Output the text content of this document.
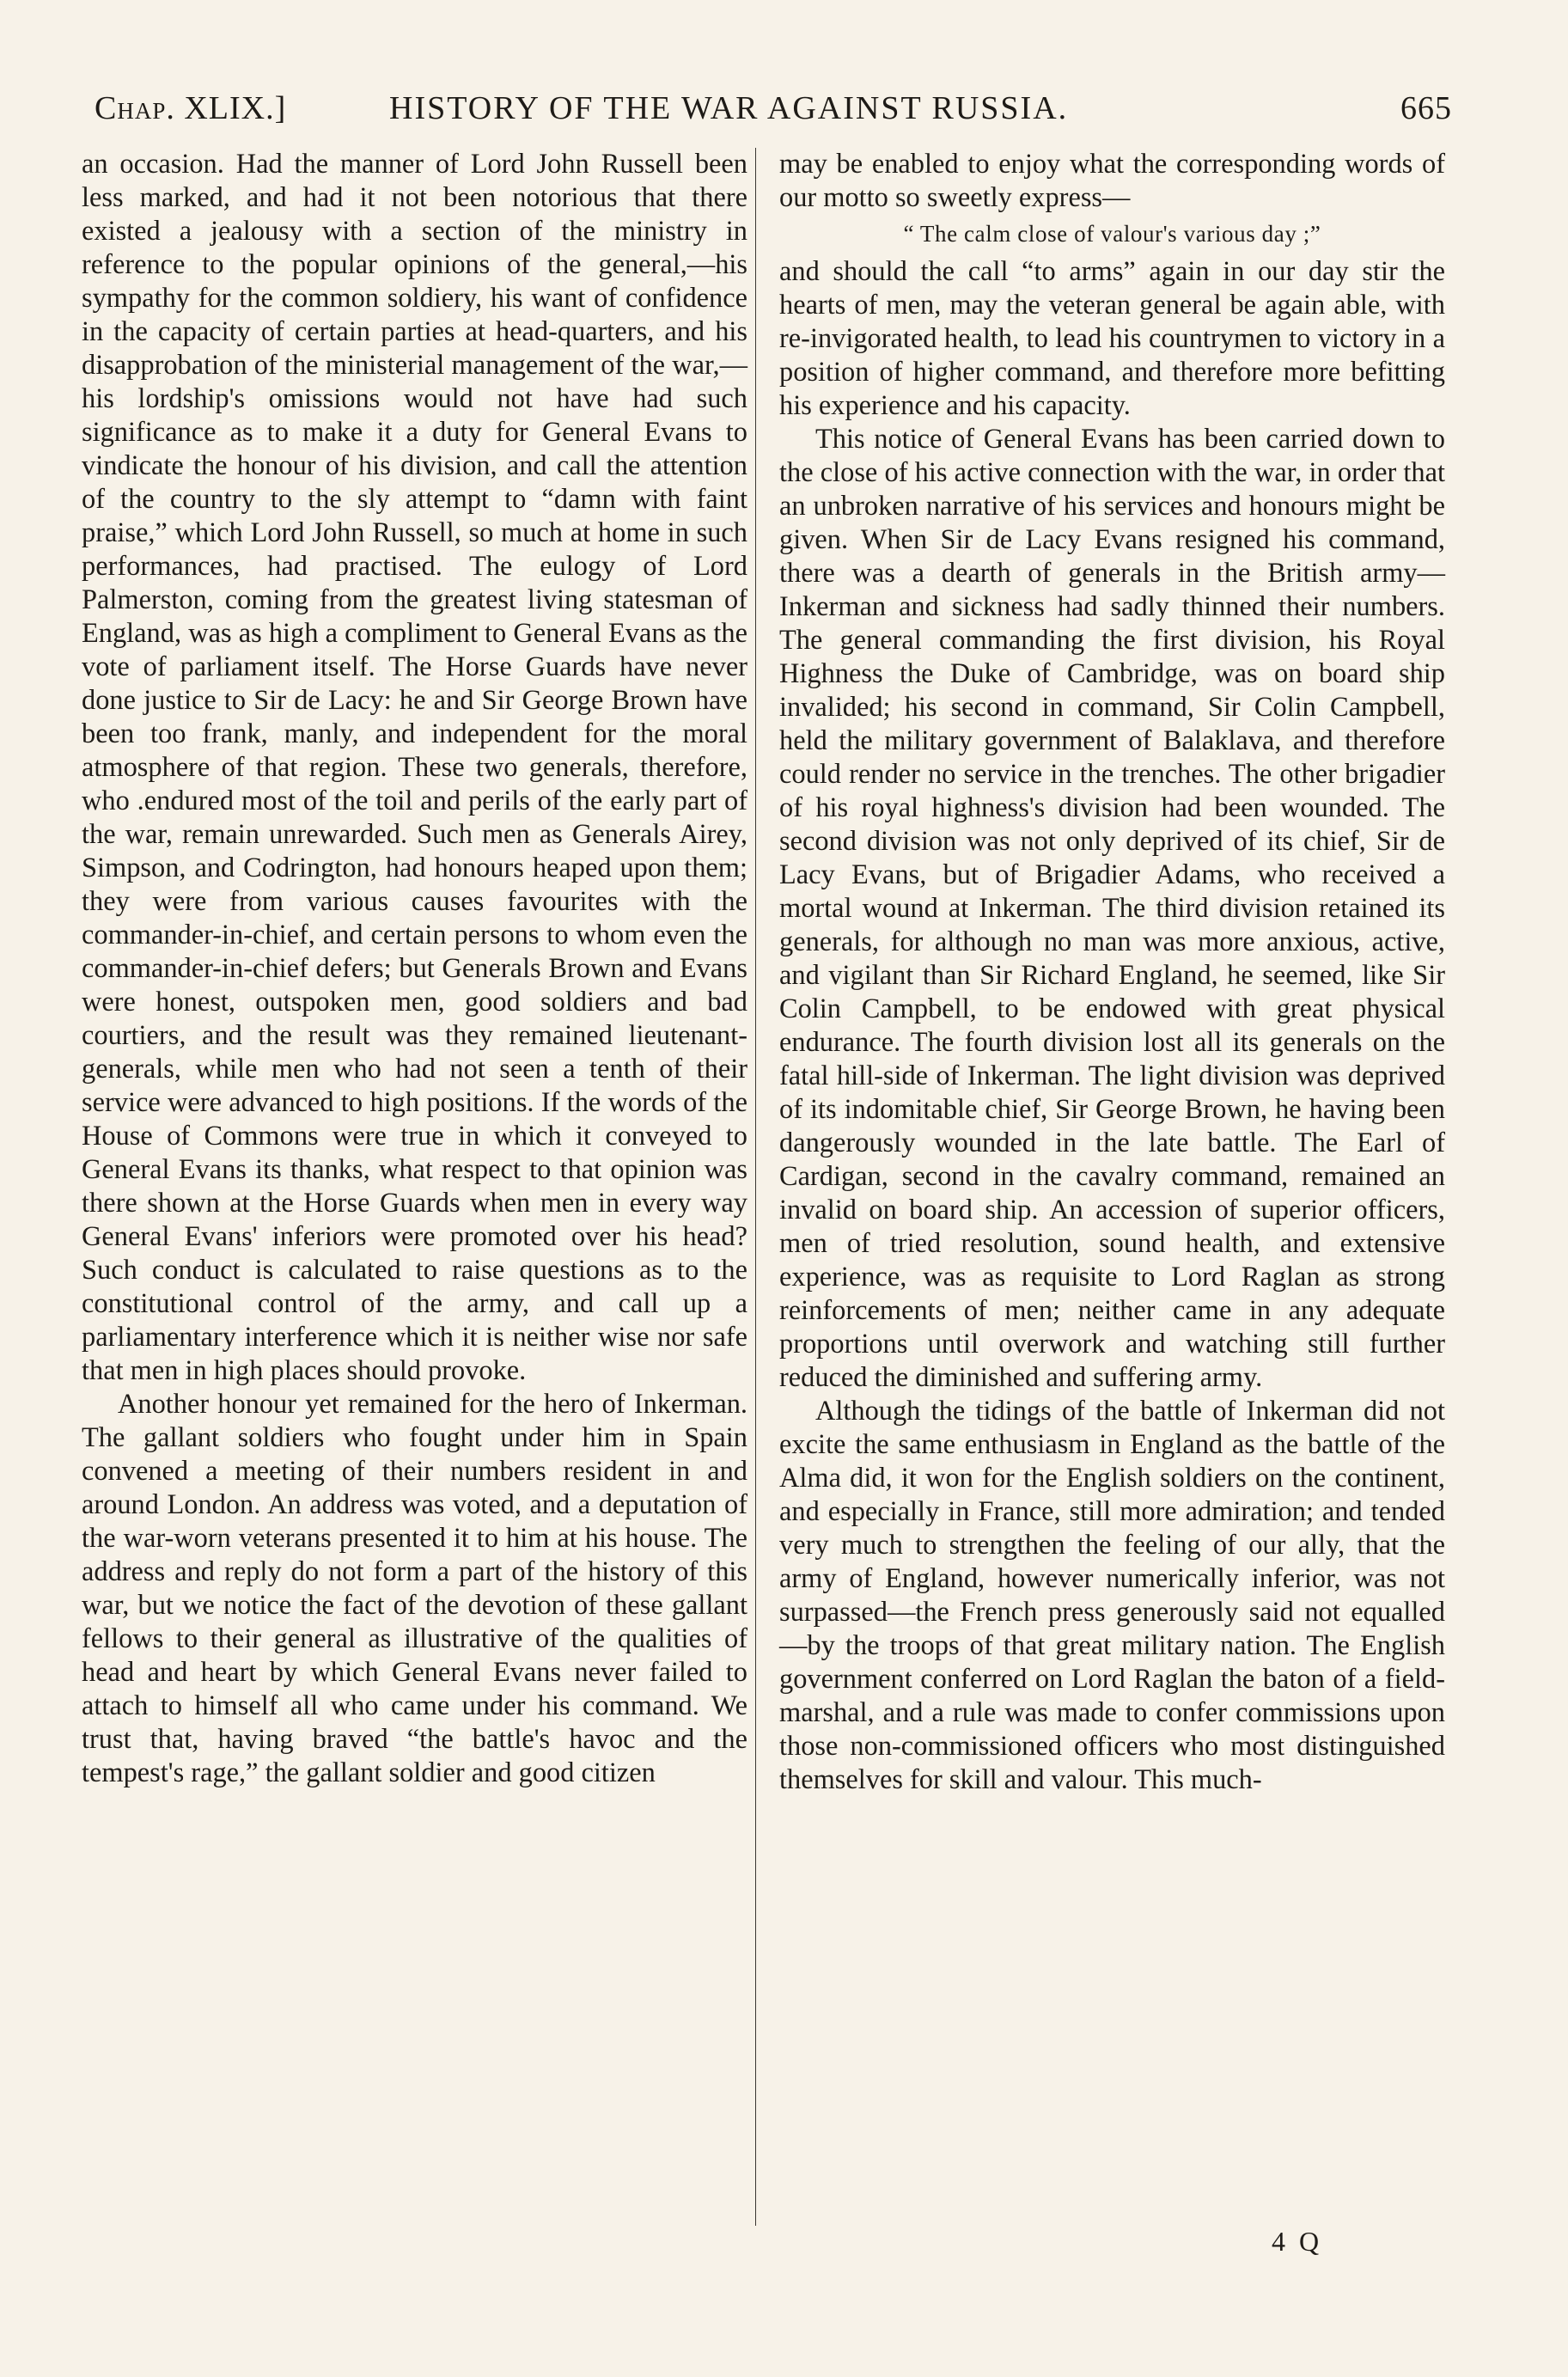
Chap. XLIX.]	HISTORY OF THE WAR AGAINST RUSSIA.	665

an occasion. Had the manner of Lord John Russell been less marked, and had it not been notorious that there existed a jealousy with a section of the ministry in reference to the popular opinions of the general,—his sympathy for the common soldiery, his want of confidence in the capacity of certain parties at head-quarters, and his disapprobation of the ministerial management of the war,—his lordship's omissions would not have had such significance as to make it a duty for General Evans to vindicate the honour of his division, and call the attention of the country to the sly attempt to “damn with faint praise,” which Lord John Russell, so much at home in such performances, had practised. The eulogy of Lord Palmerston, coming from the greatest living statesman of England, was as high a compliment to General Evans as the vote of parliament itself. The Horse Guards have never done justice to Sir de Lacy: he and Sir George Brown have been too frank, manly, and independent for the moral atmosphere of that region. These two generals, therefore, who .endured most of the toil and perils of the early part of the war, remain unrewarded. Such men as Generals Airey, Simpson, and Codrington, had honours heaped upon them; they were from various causes favourites with the commander-in-chief, and certain persons to whom even the commander-in-chief defers; but Generals Brown and Evans were honest, outspoken men, good soldiers and bad courtiers, and the result was they remained lieutenant-generals, while men who had not seen a tenth of their service were advanced to high positions. If the words of the House of Commons were true in which it conveyed to General Evans its thanks, what respect to that opinion was there shown at the Horse Guards when men in every way General Evans' inferiors were promoted over his head? Such conduct is calculated to raise questions as to the constitutional control of the army, and call up a parliamentary interference which it is neither wise nor safe that men in high places should provoke.

Another honour yet remained for the hero of Inkerman. The gallant soldiers who fought under him in Spain convened a meeting of their numbers resident in and around London. An address was voted, and a deputation of the war-worn veterans presented it to him at his house. The address and reply do not form a part of the history of this war, but we notice the fact of the devotion of these gallant fellows to their general as illustrative of the qualities of head and heart by which General Evans never failed to attach to himself all who came under his command. We trust that, having braved “the battle's havoc and the tempest's rage,” the gallant soldier and good citizen

may be enabled to enjoy what the corresponding words of our motto so sweetly express—

“ The calm close of valour's various day ;”

and should the call “to arms” again in our day stir the hearts of men, may the veteran general be again able, with re-invigorated health, to lead his countrymen to victory in a position of higher command, and therefore more befitting his experience and his capacity.

This notice of General Evans has been carried down to the close of his active connection with the war, in order that an unbroken narrative of his services and honours might be given. When Sir de Lacy Evans resigned his command, there was a dearth of generals in the British army—Inkerman and sickness had sadly thinned their numbers. The general commanding the first division, his Royal Highness the Duke of Cambridge, was on board ship invalided; his second in command, Sir Colin Campbell, held the military government of Balaklava, and therefore could render no service in the trenches. The other brigadier of his royal highness's division had been wounded. The second division was not only deprived of its chief, Sir de Lacy Evans, but of Brigadier Adams, who received a mortal wound at Inkerman. The third division retained its generals, for although no man was more anxious, active, and vigilant than Sir Richard England, he seemed, like Sir Colin Campbell, to be endowed with great physical endurance. The fourth division lost all its generals on the fatal hill-side of Inkerman. The light division was deprived of its indomitable chief, Sir George Brown, he having been dangerously wounded in the late battle. The Earl of Cardigan, second in the cavalry command, remained an invalid on board ship. An accession of superior officers, men of tried resolution, sound health, and extensive experience, was as requisite to Lord Raglan as strong reinforcements of men; neither came in any adequate proportions until overwork and watching still further reduced the diminished and suffering army.

Although the tidings of the battle of Inkerman did not excite the same enthusiasm in England as the battle of the Alma did, it won for the English soldiers on the continent, and especially in France, still more admiration; and tended very much to strengthen the feeling of our ally, that the army of England, however numerically inferior, was not surpassed—the French press generously said not equalled—by the troops of that great military nation. The English government conferred on Lord Raglan the baton of a field-marshal, and a rule was made to confer commissions upon those non-commissioned officers who most distinguished themselves for skill and valour. This much-

4 Q
